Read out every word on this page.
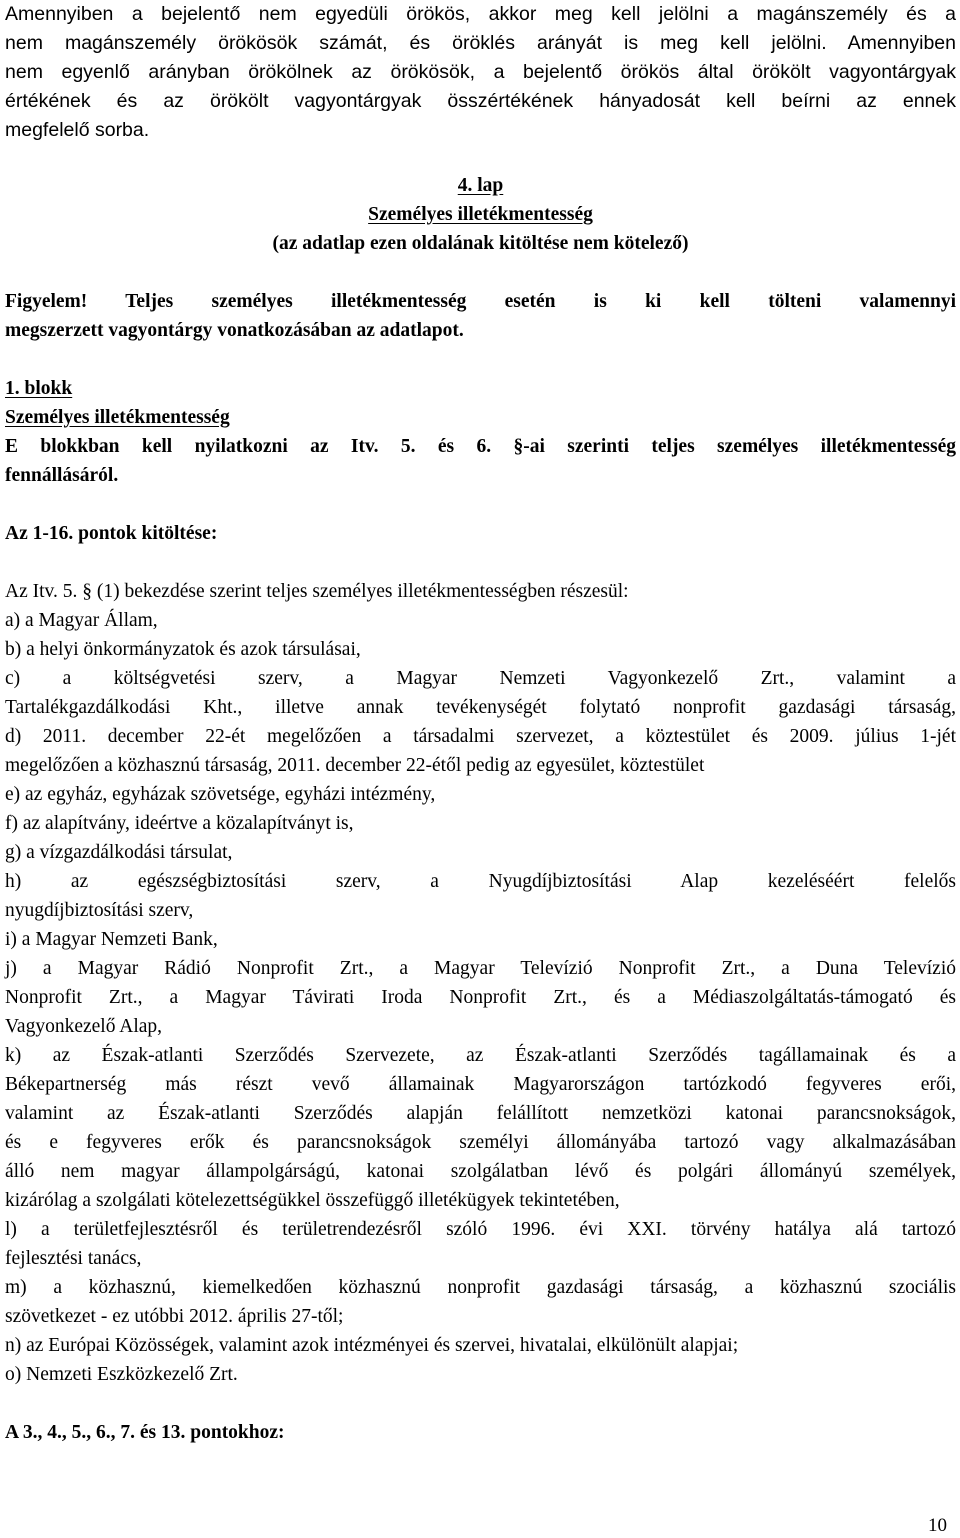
Amennyiben a bejelentő nem egyedüli örökös, akkor meg kell jelölni a magánszemély és a
nem magánszemély örökösök számát, és öröklés arányát is meg kell jelölni. Amennyiben
nem egyenlő arányban örökölnek az örökösök, a bejelentő örökös által örökölt vagyontárgyak
értékének és az örökölt vagyontárgyak összértékének hányadosát kell beírni az ennek
megfelelő sorba.
4. lap
Személyes illetékmentesség
(az adatlap ezen oldalának kitöltése nem kötelező)
Figyelem! Teljes személyes illetékmentesség esetén is ki kell tölteni valamennyi
megszerzett vagyontárgy vonatkozásában az adatlapot.
1. blokk
Személyes illetékmentesség
E blokkban kell nyilatkozni az Itv. 5. és 6. §-ai szerinti teljes személyes illetékmentesség
fennállásáról.
Az 1-16. pontok kitöltése:
Az Itv. 5. § (1) bekezdése szerint teljes személyes illetékmentességben részesül:
a) a Magyar Állam,
b) a helyi önkormányzatok és azok társulásai,
c) a költségvetési szerv, a Magyar Nemzeti Vagyonkezelő Zrt., valamint a
Tartalékgazdálkodási Kht., illetve annak tevékenységét folytató nonprofit gazdasági társaság,
d) 2011. december 22-ét megelőzően a társadalmi szervezet, a köztestület és 2009. július 1-jét
megelőzően a közhasznú társaság, 2011. december 22-étől pedig az egyesület, köztestület
e) az egyház, egyházak szövetsége, egyházi intézmény,
f) az alapítvány, ideértve a közalapítványt is,
g) a vízgazdálkodási társulat,
h) az egészségbiztosítási szerv, a Nyugdíjbiztosítási Alap kezeléséért felelős
nyugdíjbiztosítási szerv,
i) a Magyar Nemzeti Bank,
j) a Magyar Rádió Nonprofit Zrt., a Magyar Televízió Nonprofit Zrt., a Duna Televízió
Nonprofit Zrt., a Magyar Távirati Iroda Nonprofit Zrt., és a Médiaszolgáltatás-támogató és
Vagyonkezelő Alap,
k) az Észak-atlanti Szerződés Szervezete, az Észak-atlanti Szerződés tagállamainak és a
Békepartnerség más részt vevő államainak Magyarországon tartózkodó fegyveres erői,
valamint az Észak-atlanti Szerződés alapján felállított nemzetközi katonai parancsnokságok,
és e fegyveres erők és parancsnokságok személyi állományába tartozó vagy alkalmazásában
álló nem magyar állampolgárságú, katonai szolgálatban lévő és polgári állományú személyek,
kizárólag a szolgálati kötelezettségükkel összefüggő illetékügyek tekintetében,
l) a területfejlesztésről és területrendezésről szóló 1996. évi XXI. törvény hatálya alá tartozó
fejlesztési tanács,
m) a közhasznú, kiemelkedően közhasznú nonprofit gazdasági társaság, a közhasznú szociális
szövetkezet - ez utóbbi 2012. április 27-től;
n) az Európai Közösségek, valamint azok intézményei és szervei, hivatalai, elkülönült alapjai;
o) Nemzeti Eszközkezelő Zrt.
A 3., 4., 5., 6., 7. és 13. pontokhoz:
10
